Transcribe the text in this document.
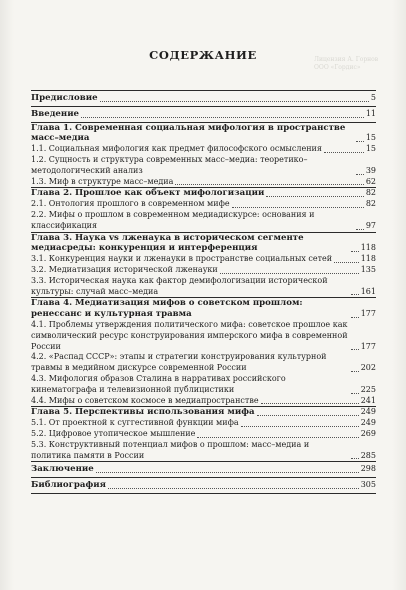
Лицензия А. Горнов
ООО «Гордис»
СОДЕРЖАНИЕ
Предисловие	5
Введение	11
Глава 1. Современная социальная мифология в пространстве масс–медиа	15
1.1. Социальная мифология как предмет философского осмысления	15
1.2. Сущность и структура современных масс–медиа: теоретико–методологический анализ	39
1.3. Миф в структуре масс–медиа	62
Глава 2. Прошлое как объект мифологизации	82
2.1. Онтология прошлого в современном мифе	82
2.2. Мифы о прошлом в современном медиадискурсе: основания и классификация	97
Глава 3. Наука vs лженаука в историческом сегменте медиасреды: конкуренция и интерференция	118
3.1. Конкуренция науки и лженауки в пространстве социальных сетей	118
3.2. Медиатизация исторической лженауки	135
3.3. Историческая наука как фактор демифологизации исторической культуры: случай масс–медиа	161
Глава 4. Медиатизация мифов о советском прошлом: ренессанс и культурная травма	177
4.1. Проблемы утверждения политического мифа: советское прошлое как символический ресурс конструирования имперского мифа в современной России	177
4.2. «Распад СССР»: этапы и стратегии конструирования культурной травмы в медийном дискурсе современной России	202
4.3. Мифология образов Сталина в нарративах российского кинематографа и телевизионной публицистики	225
4.4. Мифы о советском космосе в медиапространстве	241
Глава 5. Перспективы использования мифа	249
5.1. От проектной к суггестивной функции мифа	249
5.2. Цифровое утопическое мышление	269
5.3. Конструктивный потенциал мифов о прошлом: масс–медиа и политика памяти в России	285
Заключение	298
Библиография	305
